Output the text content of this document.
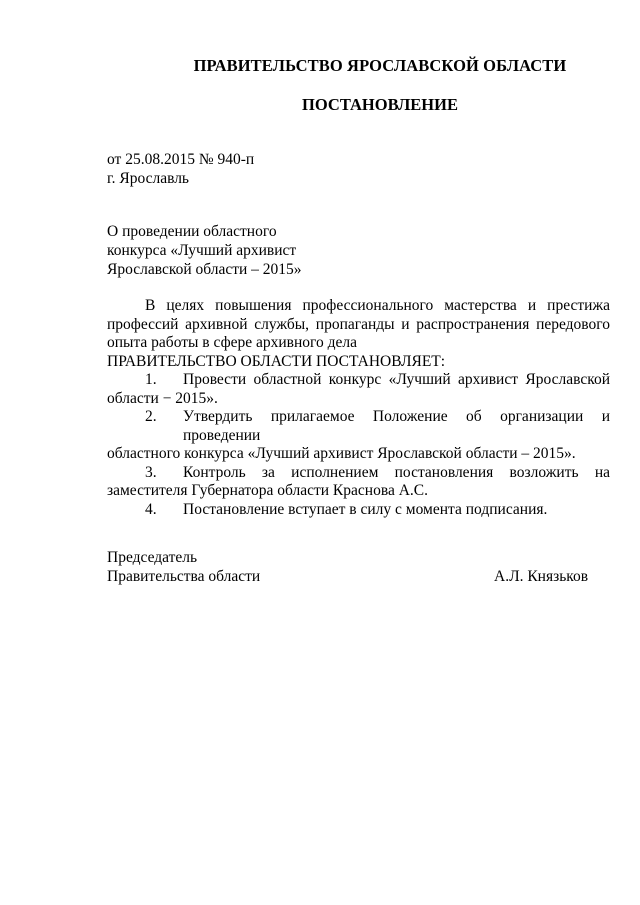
ПРАВИТЕЛЬСТВО ЯРОСЛАВСКОЙ ОБЛАСТИ
ПОСТАНОВЛЕНИЕ
от 25.08.2015 № 940-п
г. Ярославль
О проведении областного
конкурса «Лучший архивист
Ярославской области – 2015»
В целях повышения профессионального мастерства и престижа
профессий архивной службы, пропаганды и распространения передового
опыта работы в сфере архивного дела
ПРАВИТЕЛЬСТВО ОБЛАСТИ ПОСТАНОВЛЯЕТ:
1.	Провести областной конкурс «Лучший архивист Ярославской
области − 2015».
2.	Утвердить прилагаемое Положение об организации и проведении
областного конкурса «Лучший архивист Ярославской области – 2015».
3.	Контроль за исполнением постановления возложить на
заместителя Губернатора области Краснова А.С.
4. Постановление вступает в силу с момента подписания.
Председатель
Правительства области	А.Л. Князьков
